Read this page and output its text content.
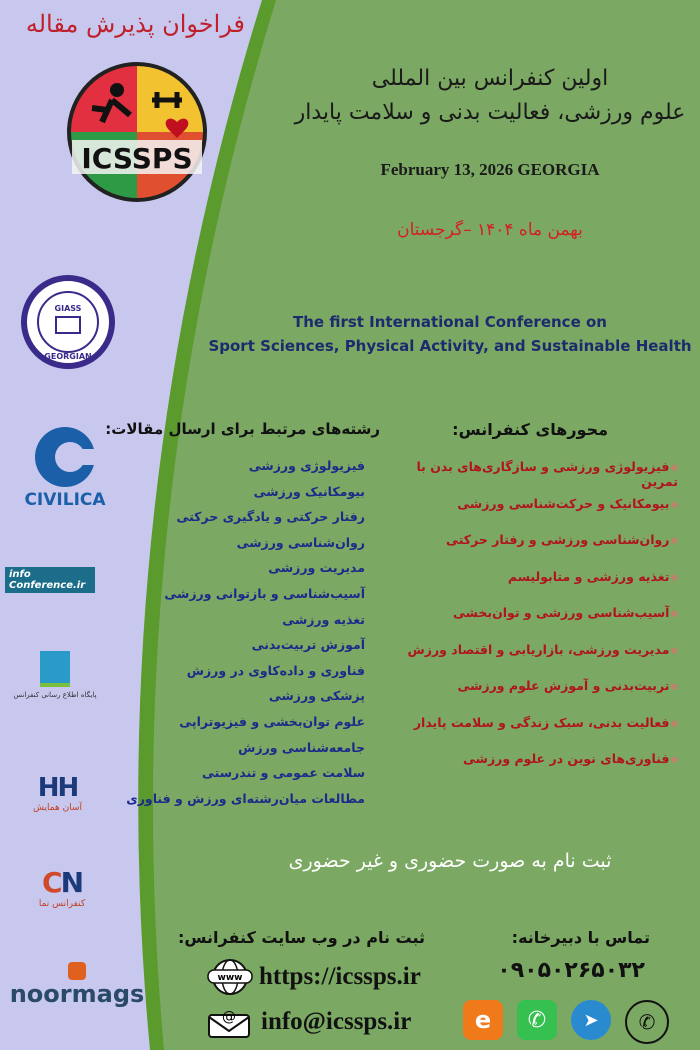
فراخوان پذیرش مقاله
ICSSPS
GIASS
GEORGIAN
CIVILICA
info Conference.ir
پایگاه اطلاع رسانی کنفرانس
HH
آسان همایش
CN
کنفرانس نما
noormags
اولین کنفرانس بین المللی
علوم ورزشی، فعالیت بدنی و سلامت پایدار
February 13, 2026 GEORGIA
بهمن ماه ۱۴۰۴ –گرجستان
The first International Conference on
Sport Sciences, Physical Activity, and Sustainable Health
محورهای کنفرانس:
❋ فیزیولوژی ورزشی و سازگاری‌های بدن با تمرین
❋ بیومکانیک و حرکت‌شناسی ورزشی
❋ روان‌شناسی ورزشی و رفتار حرکتی
❋ تغذیه ورزشی و متابولیسم
❋ آسیب‌شناسی ورزشی و توان‌بخشی
❋ مدیریت ورزشی، بازاریابی و اقتصاد ورزش
❋ تربیت‌بدنی و آموزش علوم ورزشی
❋ فعالیت بدنی، سبک زندگی و سلامت پایدار
❋ فناوری‌های نوین در علوم ورزشی
رشته‌های مرتبط برای ارسال مقالات:
فیزیولوژی ورزشی
بیومکانیک ورزشی
رفتار حرکتی و یادگیری حرکتی
روان‌شناسی ورزشی
مدیریت ورزشی
آسیب‌شناسی و بازتوانی ورزشی
تغذیه ورزشی
آموزش تربیت‌بدنی
فناوری و داده‌کاوی در ورزش
پزشکی ورزشی
علوم توان‌بخشی و فیزیوتراپی
جامعه‌شناسی ورزش
سلامت عمومی و تندرستی
مطالعات میان‌رشته‌ای ورزش و فناوری
ثبت نام به صورت حضوری و غیر حضوری
ثبت نام در وب سایت کنفرانس:
www https://icssps.ir
@ info@icssps.ir
تماس با دبیرخانه:
۰۹۰۵۰۲۶۵۰۳۲
e	✆	➤	✆
